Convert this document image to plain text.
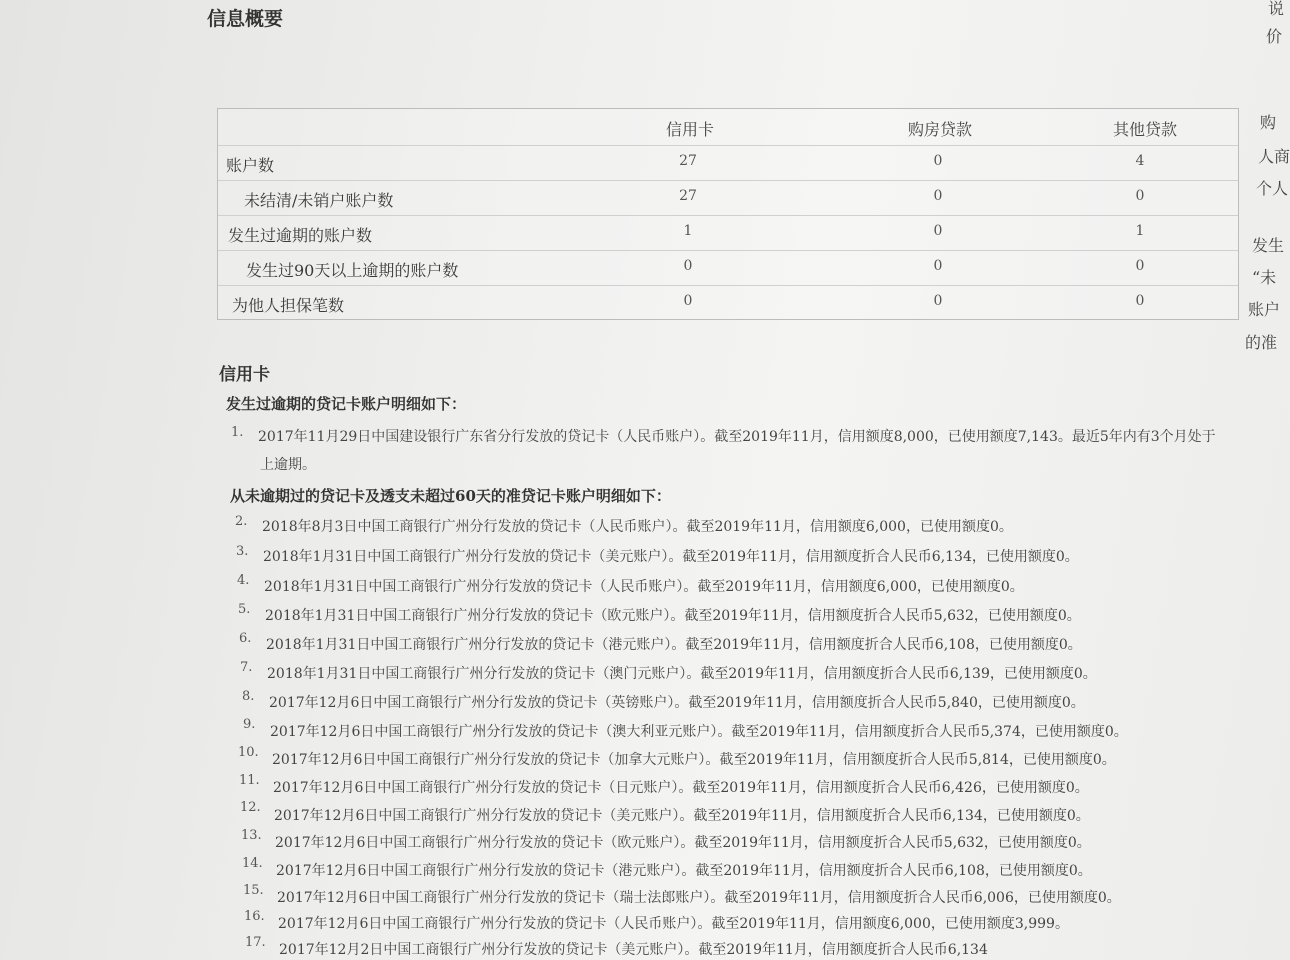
信息概要
信用卡	购房贷款	其他贷款
账户数	27	0	4
未结清/未销户账户数	27	0	0
发生过逾期的账户数	1	0	1
发生过90天以上逾期的账户数	0	0	0
为他人担保笔数	0	0	0
信用卡
发生过逾期的贷记卡账户明细如下：
1. 2017年11月29日中国建设银行广东省分行发放的贷记卡（人民币账户）。截至2019年11月，信用额度8,000，已使用额度7,143。最近5年内有3个月处于
上逾期。
从未逾期过的贷记卡及透支未超过60天的准贷记卡账户明细如下：
2. 2018年8月3日中国工商银行广州分行发放的贷记卡（人民币账户）。截至2019年11月，信用额度6,000，已使用额度0。
3. 2018年1月31日中国工商银行广州分行发放的贷记卡（美元账户）。截至2019年11月，信用额度折合人民币6,134，已使用额度0。
4. 2018年1月31日中国工商银行广州分行发放的贷记卡（人民币账户）。截至2019年11月，信用额度6,000，已使用额度0。
5. 2018年1月31日中国工商银行广州分行发放的贷记卡（欧元账户）。截至2019年11月，信用额度折合人民币5,632，已使用额度0。
6. 2018年1月31日中国工商银行广州分行发放的贷记卡（港元账户）。截至2019年11月，信用额度折合人民币6,108，已使用额度0。
7. 2018年1月31日中国工商银行广州分行发放的贷记卡（澳门元账户）。截至2019年11月，信用额度折合人民币6,139，已使用额度0。
8. 2017年12月6日中国工商银行广州分行发放的贷记卡（英镑账户）。截至2019年11月，信用额度折合人民币5,840，已使用额度0。
9. 2017年12月6日中国工商银行广州分行发放的贷记卡（澳大利亚元账户）。截至2019年11月，信用额度折合人民币5,374，已使用额度0。
10. 2017年12月6日中国工商银行广州分行发放的贷记卡（加拿大元账户）。截至2019年11月，信用额度折合人民币5,814，已使用额度0。
11. 2017年12月6日中国工商银行广州分行发放的贷记卡（日元账户）。截至2019年11月，信用额度折合人民币6,426，已使用额度0。
12.
2017年12月6日中国工商银行广州分行发放的贷记卡（美元账户）。截至2019年11月，信用额度折合人民币6,134，已使用额度0。
13. 2017年12月6日中国工商银行广州分行发放的贷记卡（欧元账户）。截至2019年11月，信用额度折合人民币5,632，已使用额度0。
14. 2017年12月6日中国工商银行广州分行发放的贷记卡（港元账户）。截至2019年11月，信用额度折合人民币6,108，已使用额度0。
15. 2017年12月6日中国工商银行广州分行发放的贷记卡（瑞士法郎账户）。截至2019年11月，信用额度折合人民币6,006，已使用额度0。
16. 2017年12月6日中国工商银行广州分行发放的贷记卡（人民币账户）。截至2019年11月，信用额度6,000，已使用额度3,999。
17. 2017年12月2日中国工商银行广州分行发放的贷记卡（美元账户）。截至2019年11月，信用额度折合人民币6,134
说
价
购
人商
个人
发生
“未
账户
的准
